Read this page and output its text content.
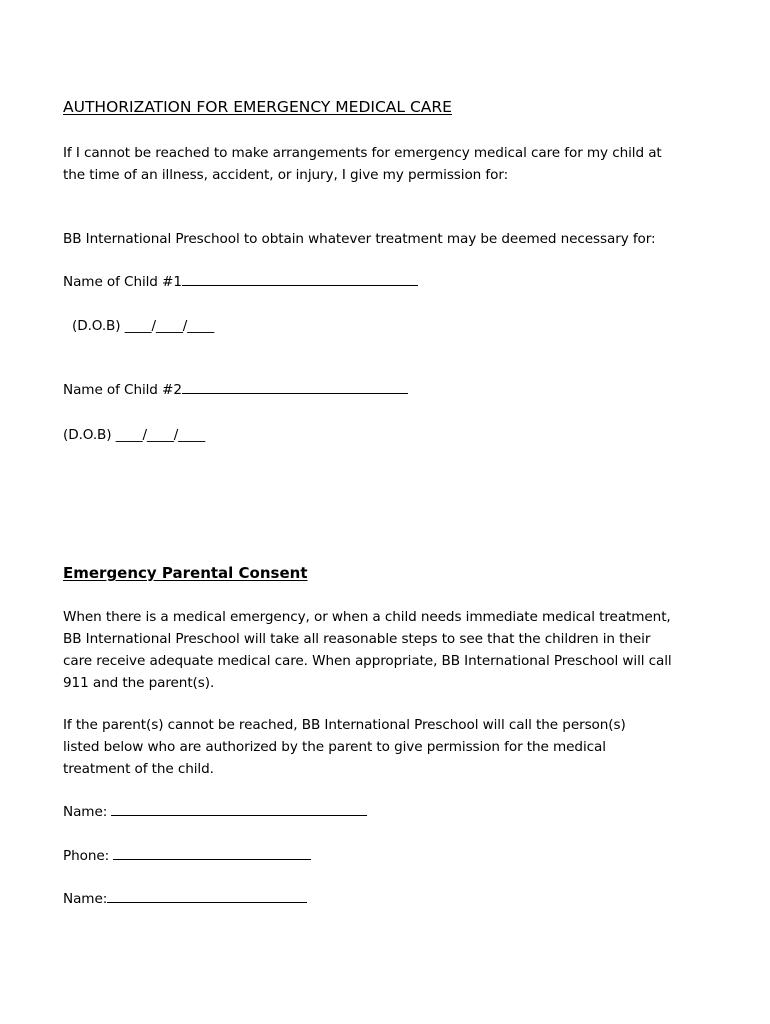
AUTHORIZATION FOR EMERGENCY MEDICAL CARE
If I cannot be reached to make arrangements for emergency medical care for my child at
the time of an illness, accident, or injury, I give my permission for:
BB International Preschool to obtain whatever treatment may be deemed necessary for:
Name of Child #1
(D.O.B) ____/____/____
Name of Child #2
(D.O.B) ____/____/____
Emergency Parental Consent
When there is a medical emergency, or when a child needs immediate medical treatment,
BB International Preschool will take all reasonable steps to see that the children in their
care receive adequate medical care. When appropriate, BB International Preschool will call
911 and the parent(s).
If the parent(s) cannot be reached, BB International Preschool will call the person(s)
listed below who are authorized by the parent to give permission for the medical
treatment of the child.
Name:
Phone:
Name:
